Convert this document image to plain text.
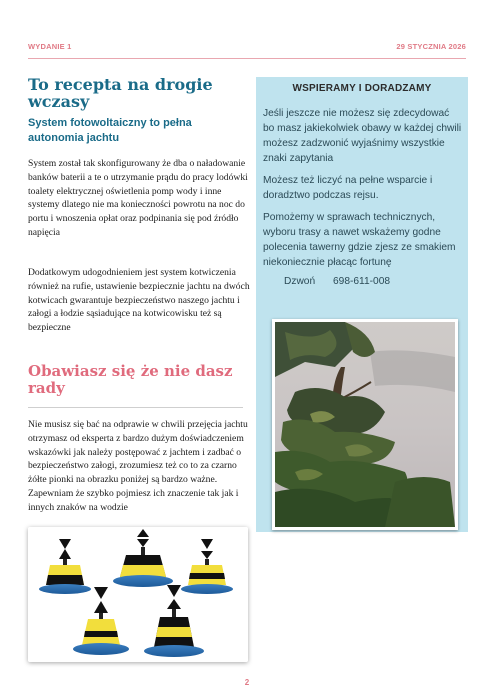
WYDANIE 1	29 STYCZNIA 2026
To recepta na drogie wczasy
System fotowoltaiczny to pełna autonomia jachtu

System został tak skonfigurowany że dba o naładowanie banków baterii a te o utrzymanie prądu do pracy lodówki toalety elektrycznej oświetlenia pomp wody i inne systemy dlatego nie ma konieczności powrotu na noc do portu i wnoszenia opłat oraz podpinania się pod źródło napięcia

Dodatkowym udogodnieniem jest system kotwiczenia również na rufie, ustawienie bezpiecznie jachtu na dwóch kotwicach gwarantuje bezpieczeństwo naszego jachtu i załogi a łodzie sąsiadujące na kotwicowisku też są bezpieczne

Obawiasz się że nie dasz rady

Nie musisz się bać na odprawie w chwili przejęcia jachtu otrzymasz od eksperta z bardzo dużym doświadczeniem wskazówki jak należy postępować z jachtem i zadbać o bezpieczeństwo załogi, zrozumiesz też co to za czarno żółte pionki na obrazku poniżej są bardzo ważne. Zapewniam że szybko pojmiesz ich znaczenie tak jak i innych znaków na wodzie

WSPIERAMY I DORADZAMY

Jeśli jeszcze nie możesz się zdecydować bo masz jakiekolwiek obawy w każdej chwili możesz zadzwonić wyjaśnimy wszystkie znaki zapytania

Możesz też liczyć na pełne wsparcie i doradztwo podczas rejsu.

Pomożemy w sprawach technicznych, wyboru trasy a nawet wskażemy godne polecenia tawerny gdzie zjesz ze smakiem niekoniecznie płacąc fortunę

Dzwoń 698-611-008
2
